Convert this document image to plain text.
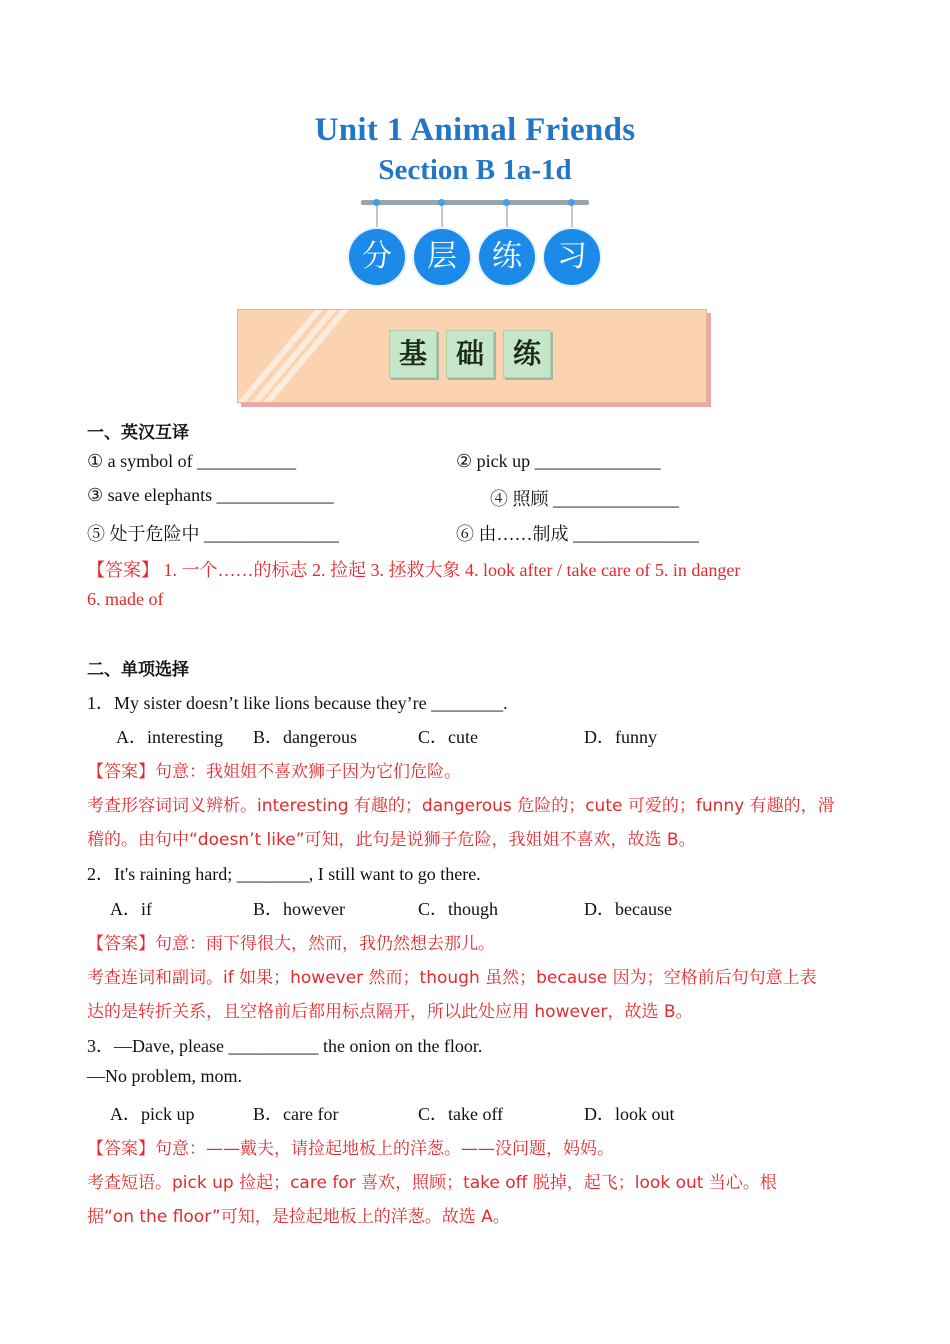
Unit 1 Animal Friends
Section B 1a-1d
分	层	练	习
基	础	练
一、英汉互译
① a symbol of ___________	② pick up ______________
③ save elephants _____________	④ 照顾 ______________
⑤ 处于危险中 _______________	⑥ 由……制成 ______________
【答案】 1. 一个……的标志 2. 捡起 3. 拯救大象 4. look after / take care of 5. in danger
6. made of
二、单项选择
1．My sister doesn’t like lions because they’re ________.
A．interesting B．dangerous	C．cute	D．funny
【答案】句意：我姐姐不喜欢狮子因为它们危险。
考查形容词词义辨析。interesting 有趣的；dangerous 危险的；cute 可爱的；funny 有趣的，滑
稽的。由句中“doesn’t like”可知，此句是说狮子危险，我姐姐不喜欢，故选 B。
2．It's raining hard; ________, I still want to go there.
A．if	B．however	C．though	D．because
【答案】句意：雨下得很大，然而，我仍然想去那儿。
考查连词和副词。if 如果；however 然而；though 虽然；because 因为；空格前后句句意上表
达的是转折关系，且空格前后都用标点隔开，所以此处应用 however，故选 B。
3．—Dave, please __________ the onion on the floor.
—No problem, mom.
A．pick up	B．care for	C．take off	D．look out
【答案】句意：——戴夫，请捡起地板上的洋葱。——没问题，妈妈。
考查短语。pick up 捡起；care for 喜欢，照顾；take off 脱掉，起飞；look out 当心。根
据“on the floor”可知，是捡起地板上的洋葱。故选 A。
